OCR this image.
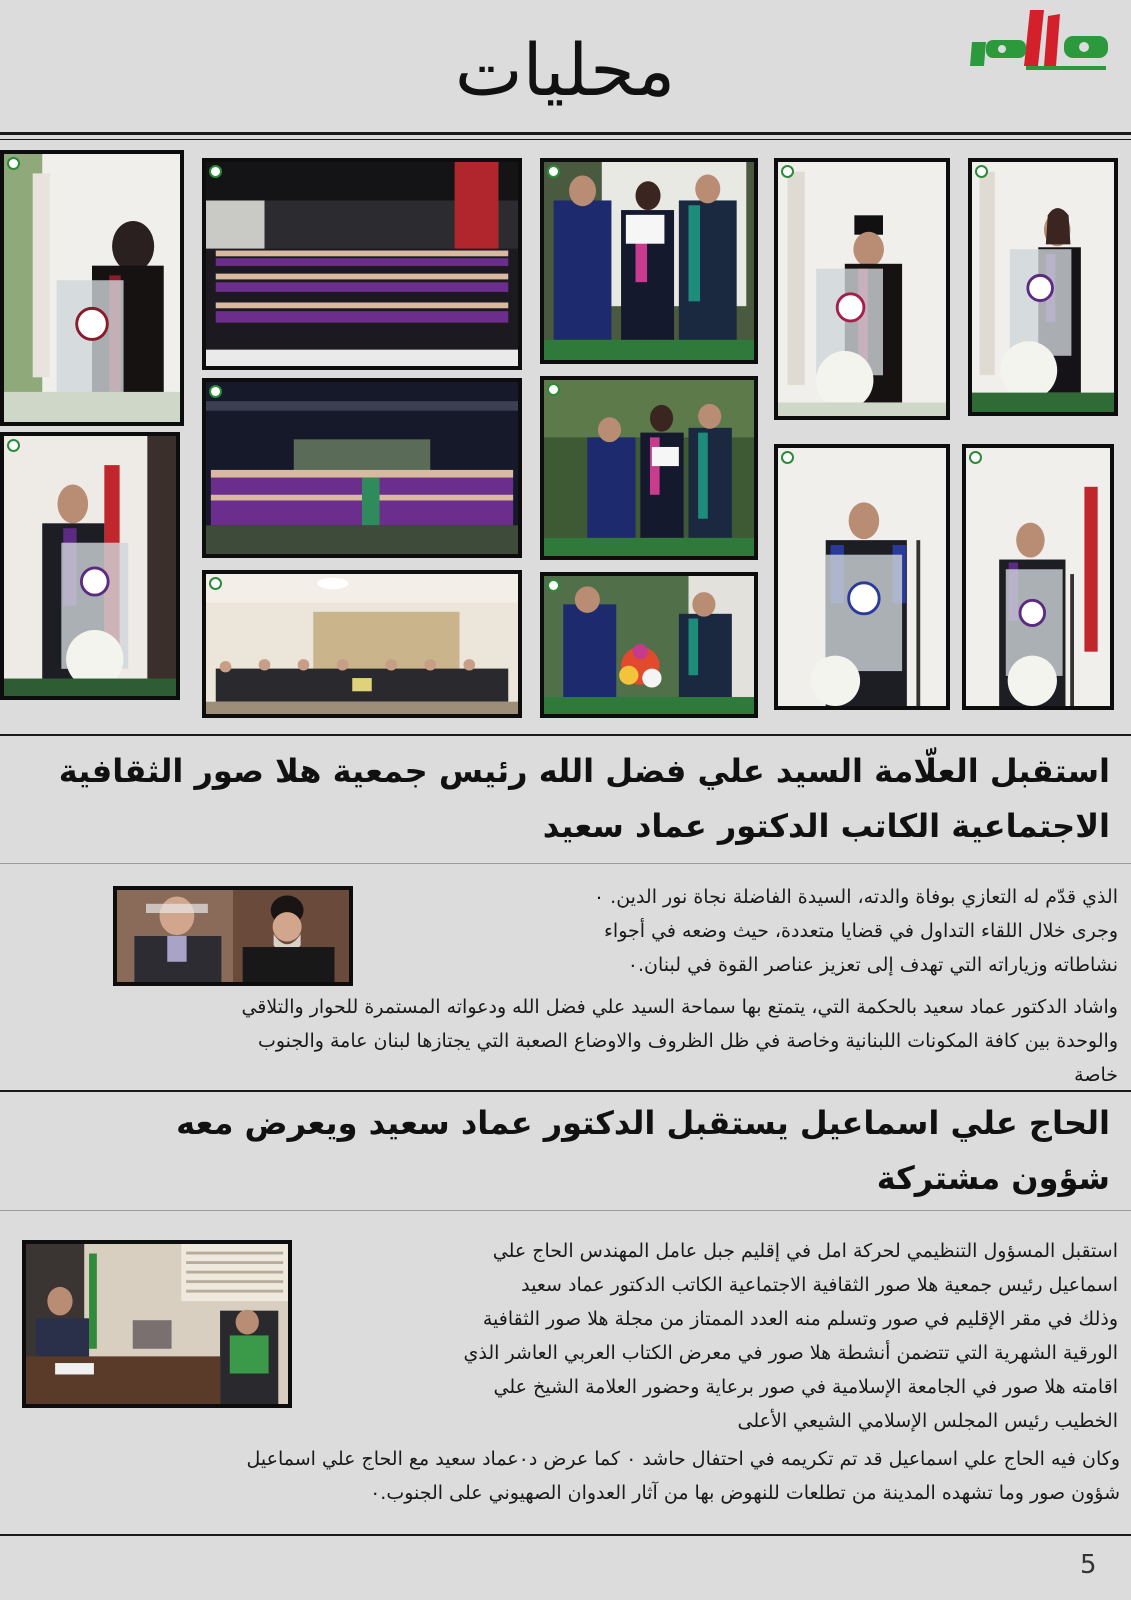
محليات
استقبل العلّامة السيد علي فضل الله رئيس جمعية هلا صور الثقافية الاجتماعية الكاتب الدكتور عماد سعيد
الذي قدّم له التعازي بوفاة والدته، السيدة الفاضلة نجاة نور الدين. ٠
وجرى خلال اللقاء التداول في قضايا متعددة، حيث وضعه في أجواء
نشاطاته وزياراته التي تهدف إلى تعزيز عناصر القوة في لبنان.٠
واشاد الدكتور عماد سعيد بالحكمة التي، يتمتع بها سماحة السيد علي فضل الله ودعواته المستمرة للحوار والتلاقي
والوحدة بين كافة المكونات اللبنانية وخاصة في ظل الظروف والاوضاع الصعبة التي يجتازها لبنان عامة والجنوب
خاصة
الحاج علي اسماعيل يستقبل الدكتور عماد سعيد ويعرض معه شؤون مشتركة
استقبل المسؤول التنظيمي لحركة امل في إقليم جبل عامل المهندس الحاج علي
اسماعيل رئيس جمعية هلا صور الثقافية الاجتماعية الكاتب الدكتور عماد سعيد
وذلك في مقر الإقليم في صور وتسلم منه العدد الممتاز من مجلة هلا صور الثقافية
الورقية الشهرية التي تتضمن أنشطة هلا صور في معرض الكتاب العربي العاشر الذي
اقامته هلا صور في الجامعة الإسلامية في صور برعاية وحضور العلامة الشيخ علي
الخطيب رئيس المجلس الإسلامي الشيعي الأعلى
وكان فيه الحاج علي اسماعيل قد تم تكريمه في احتفال حاشد ٠ كما عرض د٠عماد سعيد مع الحاج علي اسماعيل
شؤون صور وما تشهده المدينة من تطلعات للنهوض بها من آثار العدوان الصهيوني على الجنوب.٠
5
